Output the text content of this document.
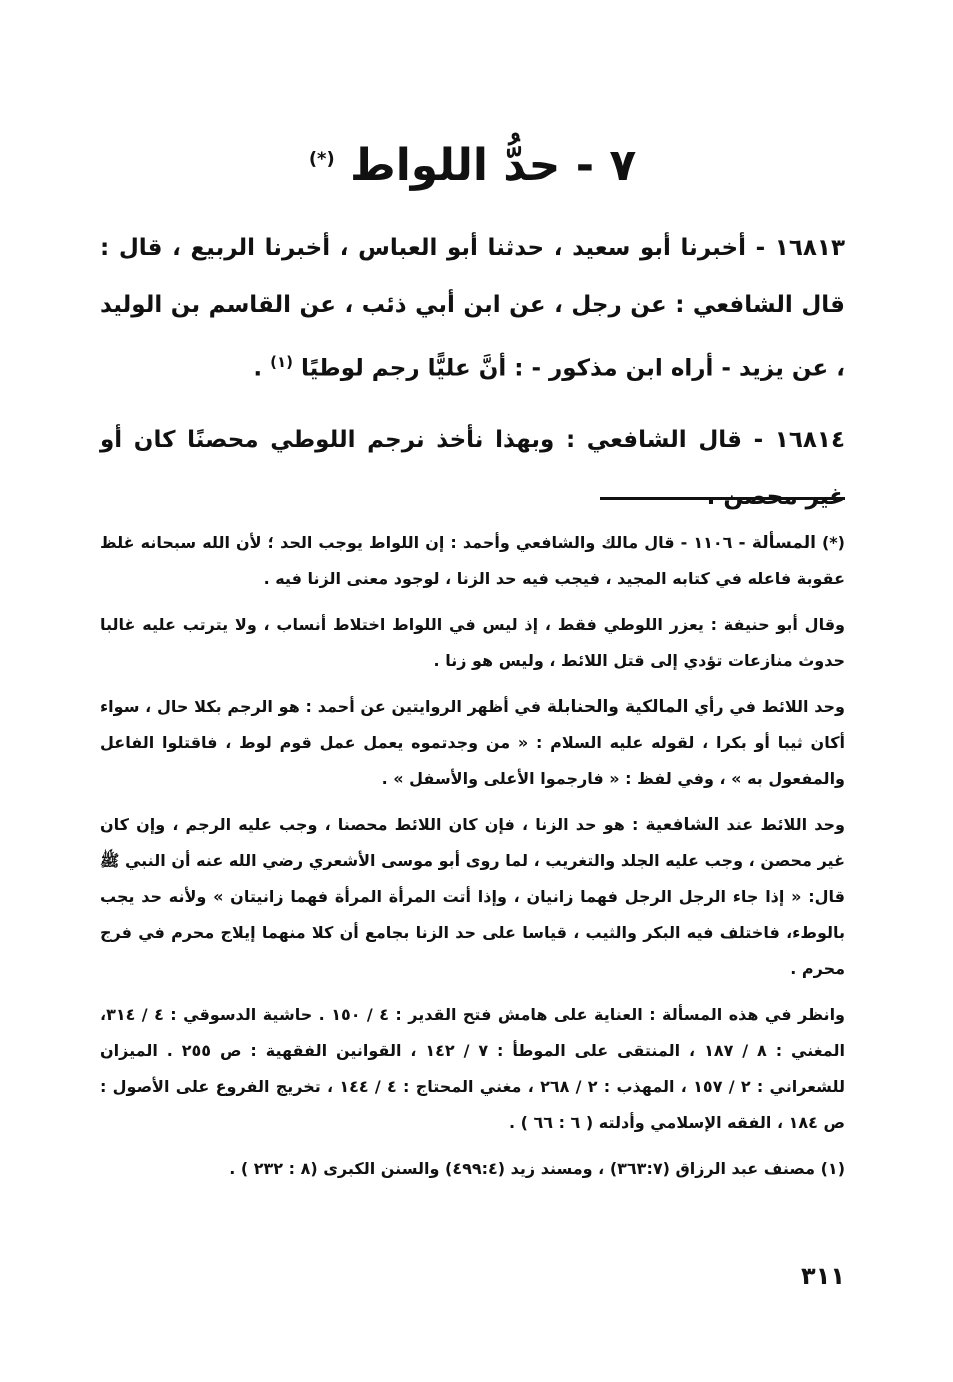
٧ - حدُّ اللواط (*)

١٦٨١٣ - أخبرنا أبو سعيد ، حدثنا أبو العباس ، أخبرنا الربيع ، قال : قال الشافعي : عن رجل ، عن ابن أبي ذئب ، عن القاسم بن الوليد ، عن يزيد - أراه ابن مذكور - : أنَّ عليًّا رجم لوطيًا $^{(١)}$ .

١٦٨١٤ - قال الشافعي : وبهذا نأخذ نرجم اللوطي محصنًا كان أو

(*) المسألة - ١١٠٦ - قال مالك والشافعي وأحمد : إن اللواط يوجب الحد ؛ لأن الله سبحانه غلظ عقوبة فاعله في كتابه المجيد ، فيجب فيه حد الزنا ، لوجود معنى الزنا فيه .

وقال أبو حنيفة : يعزر اللوطي فقط ، إذ ليس في اللواط اختلاط أنساب ، ولا يترتب عليه غالبا حدوث منازعات تؤدي إلى قتل اللائط ، وليس هو زنا .

وحد اللائط في رأي المالكية والحنابلة في أظهر الروايتين عن أحمد : هو الرجم بكلا حال ، سواء أكان ثيبا أو بكرا ، لقوله عليه السلام : « من وجدتموه يعمل عمل قوم لوط ، فاقتلوا الفاعل والمفعول به » ، وفي لفظ : « فارجموا الأعلى والأسفل » .

وحد اللائط عند الشافعية : هو حد الزنا ، فإن كان اللائط محصنا ، وجب عليه الرجم ، وإن كان غير محصن ، وجب عليه الجلد والتغريب ، لما روى أبو موسى الأشعري رضي الله عنه أن النبي ﷺ قال: « إذا جاء الرجل الرجل فهما زانيان ، وإذا أتت المرأة المرأة فهما زانيتان » ولأنه حد يجب بالوطء، فاختلف فيه البكر والثيب ، قياسا على حد الزنا بجامع أن كلا منهما إيلاج محرم في فرج محرم .

وانظر في هذه المسألة : العناية على هامش فتح القدير : ٤ / ١٥٠ . حاشية الدسوقي : ٤ / ٣١٤، المغني : ٨ / ١٨٧ ، المنتقى على الموطأ : ٧ / ١٤٢ ، القوانين الفقهية : ص ٢٥٥ . الميزان للشعراني : ٢ / ١٥٧ ، المهذب : ٢ / ٢٦٨ ، مغني المحتاج : ٤ / ١٤٤ ، تخريج الفروع على الأصول : ص ١٨٤ ، الفقه الإسلامي وأدلته ( ٦ : ٦٦ ) .

(١) مصنف عبد الرزاق (٣٦٣:٧) ، ومسند زيد (٤٩٩:٤) والسنن الكبرى (٨ : ٢٣٢ ) .

٣١١
